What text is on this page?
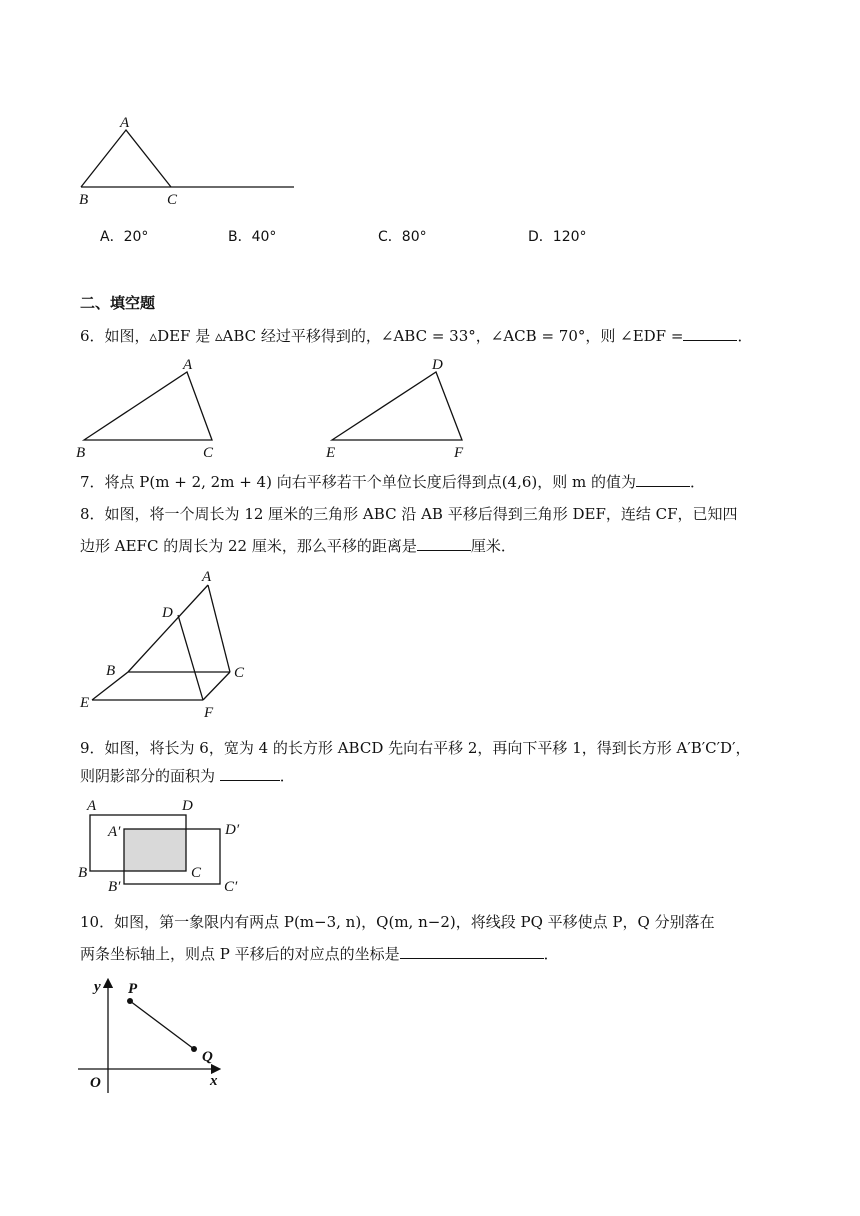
A
B	C
A．20°	B．40°	C．80°	D．120°
二、填空题
6．如图，▵DEF 是 ▵ABC 经过平移得到的，∠ABC = 33°，∠ACB = 70°，则 ∠EDF =	．
A
B	C
D
E	F
7．将点 P(m + 2, 2m + 4) 向右平移若干个单位长度后得到点(4,6)，则 m 的值为	．
8．如图，将一个周长为 12 厘米的三角形 ABC 沿 AB 平移后得到三角形 DEF，连结 CF，已知四
边形 AEFC 的周长为 22 厘米，那么平移的距离是	厘米．
A
D
B	C
E
F
9．如图，将长为 6，宽为 4 的长方形 ABCD 先向右平移 2，再向下平移 1，得到长方形 A′B′C′D′，
则阴影部分的面积为	．
A	D
A′	D′
B	C
B′	C′
10．如图，第一象限内有两点 P(m−3, n)，Q(m, n−2)，将线段 PQ 平移使点 P，Q 分别落在
两条坐标轴上，则点 P 平移后的对应点的坐标是	．
y
x
O
P
Q
